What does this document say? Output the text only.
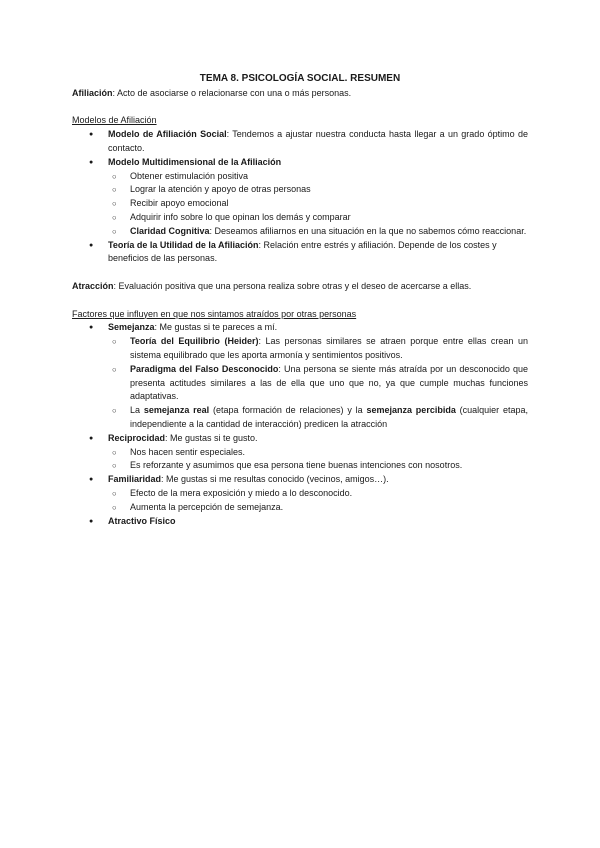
TEMA 8. PSICOLOGÍA SOCIAL. RESUMEN

Afiliación: Acto de asociarse o relacionarse con una o más personas.

Modelos de Afiliación

● Modelo de Afiliación Social: Tendemos a ajustar nuestra conducta hasta llegar a un grado óptimo de contacto.
● Modelo Multidimensional de la Afiliación
○ Obtener estimulación positiva
○ Lograr la atención y apoyo de otras personas
○ Recibir apoyo emocional
○ Adquirir info sobre lo que opinan los demás y comparar
○ Claridad Cognitiva: Deseamos afiliarnos en una situación en la que no sabemos cómo reaccionar.
● Teoría de la Utilidad de la Afiliación: Relación entre estrés y afiliación. Depende de los costes y beneficios de las personas.

Atracción: Evaluación positiva que una persona realiza sobre otras y el deseo de acercarse a ellas.

Factores que influyen en que nos sintamos atraídos por otras personas

● Semejanza: Me gustas si te pareces a mí.
○ Teoría del Equilibrio (Heider): Las personas similares se atraen porque entre ellas crean un sistema equilibrado que les aporta armonía y sentimientos positivos.
○ Paradigma del Falso Desconocido: Una persona se siente más atraída por un desconocido que presenta actitudes similares a las de ella que uno que no, ya que cumple muchas funciones adaptativas.
○ La semejanza real (etapa formación de relaciones) y la semejanza percibida (cualquier etapa, independiente a la cantidad de interacción) predicen la atracción
● Reciprocidad: Me gustas si te gusto.
○ Nos hacen sentir especiales.
○ Es reforzante y asumimos que esa persona tiene buenas intenciones con nosotros.
● Familiaridad: Me gustas si me resultas conocido (vecinos, amigos…).
○ Efecto de la mera exposición y miedo a lo desconocido.
○ Aumenta la percepción de semejanza.
● Atractivo Físico
